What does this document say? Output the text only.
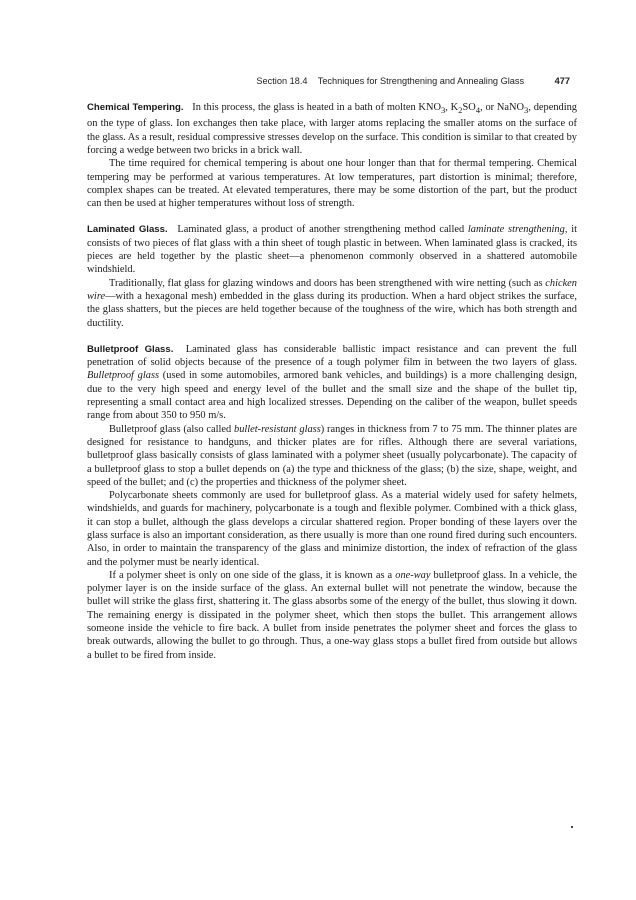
Section 18.4 Techniques for Strengthening and Annealing Glass	477

Chemical Tempering. In this process, the glass is heated in a bath of molten $KNO_3$, $K_2SO_4$, or NaNO$_3$, depending on the type of glass. Ion exchanges then take place, with larger atoms replacing the smaller atoms on the surface of the glass. As a result, residual compressive stresses develop on the surface. This condition is similar to that created by forcing a wedge between two bricks in a brick wall.

The time required for chemical tempering is about one hour longer than that for thermal tempering. Chemical tempering may be performed at various temperatures. At low temperatures, part distortion is minimal; therefore, complex shapes can be treated. At elevated temperatures, there may be some distortion of the part, but the product can then be used at higher temperatures without loss of strength.

Laminated Glass. Laminated glass, a product of another strengthening method called laminate strengthening, it consists of two pieces of flat glass with a thin sheet of tough plastic in between. When laminated glass is cracked, its pieces are held together by the plastic sheet—a phenomenon commonly observed in a shattered automobile windshield.

Traditionally, flat glass for glazing windows and doors has been strengthened with wire netting (such as chicken wire—with a hexagonal mesh) embedded in the glass during its production. When a hard object strikes the surface, the glass shatters, but the pieces are held together because of the toughness of the wire, which has both strength and ductility.

Bulletproof Glass. Laminated glass has considerable ballistic impact resistance and can prevent the full penetration of solid objects because of the presence of a tough polymer film in between the two layers of glass. Bulletproof glass (used in some automobiles, armored bank vehicles, and buildings) is a more challenging design, due to the very high speed and energy level of the bullet and the small size and the shape of the bullet tip, representing a small contact area and high localized stresses. Depending on the caliber of the weapon, bullet speeds range from about 350 to 950 m/s.

Bulletproof glass (also called bullet-resistant glass) ranges in thickness from 7 to 75 mm. The thinner plates are designed for resistance to handguns, and thicker plates are for rifles. Although there are several variations, bulletproof glass basically consists of glass laminated with a polymer sheet (usually polycarbonate). The capacity of a bulletproof glass to stop a bullet depends on (a) the type and thickness of the glass; (b) the size, shape, weight, and speed of the bullet; and (c) the properties and thickness of the polymer sheet.

Polycarbonate sheets commonly are used for bulletproof glass. As a material widely used for safety helmets, windshields, and guards for machinery, polycarbonate is a tough and flexible polymer. Combined with a thick glass, it can stop a bullet, although the glass develops a circular shattered region. Proper bonding of these layers over the glass surface is also an important consideration, as there usually is more than one round fired during such encounters. Also, in order to maintain the transparency of the glass and minimize distortion, the index of refraction of the glass and the polymer must be nearly identical.

If a polymer sheet is only on one side of the glass, it is known as a one-way bulletproof glass. In a vehicle, the polymer layer is on the inside surface of the glass. An external bullet will not penetrate the window, because the bullet will strike the glass first, shattering it. The glass absorbs some of the energy of the bullet, thus slowing it down. The remaining energy is dissipated in the polymer sheet, which then stops the bullet. This arrangement allows someone inside the vehicle to fire back. A bullet from inside penetrates the polymer sheet and forces the glass to break outwards, allowing the bullet to go through. Thus, a one-way glass stops a bullet fired from outside but allows a bullet to be fired from inside.
